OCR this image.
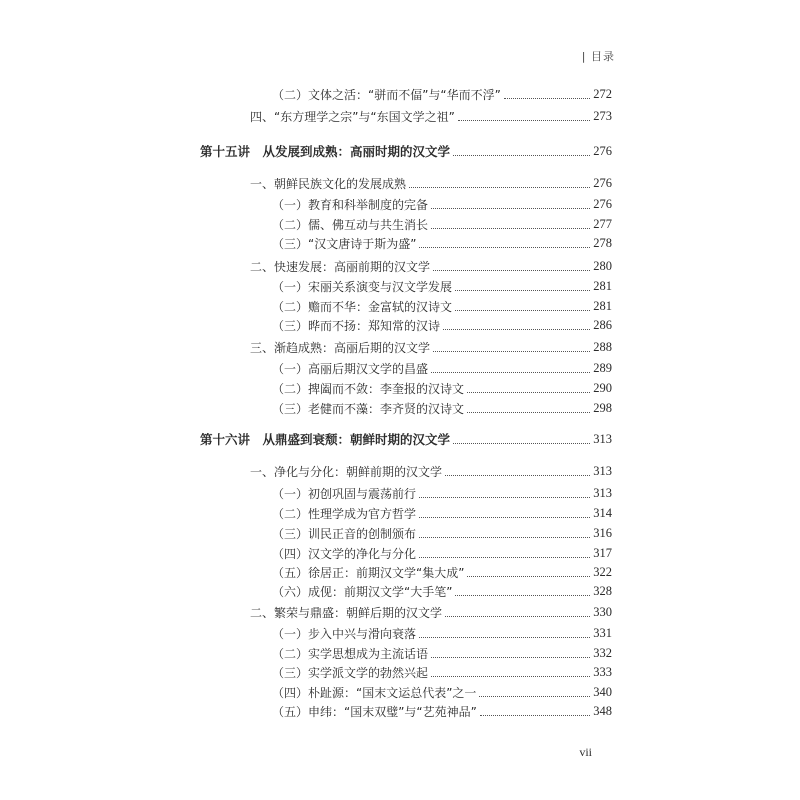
| 目录
（二）文体之活：“骈而不偪”与“华而不浮”	272
四、“东方理学之宗”与“东国文学之祖”	273
第十五讲　从发展到成熟：高丽时期的汉文学	276
一、朝鲜民族文化的发展成熟	276
（一）教育和科举制度的完备	276
（二）儒、佛互动与共生消长	277
（三）“汉文唐诗于斯为盛”	278
二、快速发展：高丽前期的汉文学	280
（一）宋丽关系演变与汉文学发展	281
（二）赡而不华：金富轼的汉诗文	281
（三）晔而不扬：郑知常的汉诗	286
三、渐趋成熟：高丽后期的汉文学	288
（一）高丽后期汉文学的昌盛	289
（二）捭阖而不敛：李奎报的汉诗文	290
（三）老健而不藻：李齐贤的汉诗文	298
第十六讲　从鼎盛到衰颓：朝鲜时期的汉文学	313
一、净化与分化：朝鲜前期的汉文学	313
（一）初创巩固与震荡前行	313
（二）性理学成为官方哲学	314
（三）训民正音的创制颁布	316
（四）汉文学的净化与分化	317
（五）徐居正：前期汉文学“集大成”	322
（六）成伣：前期汉文学“大手笔”	328
二、繁荣与鼎盛：朝鲜后期的汉文学	330
（一）步入中兴与滑向衰落	331
（二）实学思想成为主流话语	332
（三）实学派文学的勃然兴起	333
（四）朴趾源：“国末文运总代表”之一	340
（五）申纬：“国末双璧”与“艺苑神品”	348
vii
